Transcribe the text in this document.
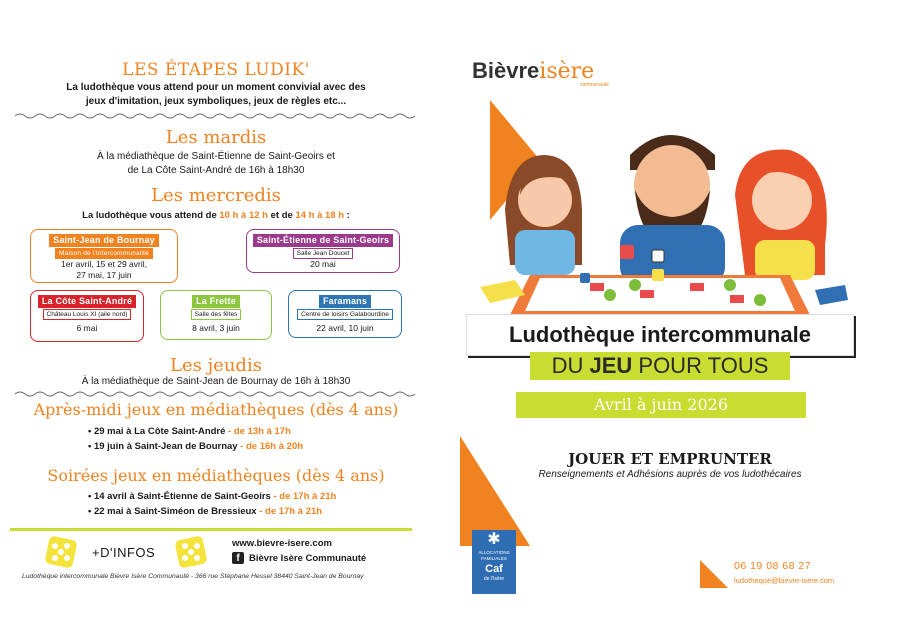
LES ÉTAPES LUDIK'
La ludothèque vous attend pour un moment convivial avec des
jeux d'imitation, jeux symboliques, jeux de règles etc...
Les mardis
À la médiathèque de Saint-Étienne de Saint-Geoirs et
de La Côte Saint-André de 16h à 18h30
Les mercredis
La ludothèque vous attend de 10 h à 12 h et de 14 h à 18 h :
Saint-Jean de Bournay
Maison de l'Intercommunalité
1er avril, 15 et 29 avril,
27 mai, 17 juin
Saint-Étienne de Saint-Geoirs
Salle Jean Doucet
20 mai
La Côte Saint-André
Château Louis XI (aile nord)
6 mai
La Frette
Salle des fêtes
8 avril, 3 juin
Faramans
Centre de loisirs Galabourdine
22 avril, 10 juin
Les jeudis
À la médiathèque de Saint-Jean de Bournay de 16h à 18h30
Après-midi jeux en médiathèques (dès 4 ans)
• 29 mai à La Côte Saint-André - de 13h à 17h
• 19 juin à Saint-Jean de Bournay - de 16h à 20h
Soirées jeux en médiathèques (dès 4 ans)
• 14 avril à Saint-Étienne de Saint-Geoirs - de 17h à 21h
• 22 mai à Saint-Siméon de Bressieux - de 17h à 21h
+D'INFOS
www.bievre-isere.com
f Bièvre Isère Communauté
Ludothèque intercommunale Bièvre Isère Communauté - 366 rue Stéphane Hessel 38440 Saint-Jean de Bournay
Bièvreisère
communauté
Ludothèque intercommunale
DU JEU POUR TOUS
Avril à juin 2026
JOUER ET EMPRUNTER
Renseignements et Adhésions auprès de vos ludothécaires
✱
ALLOCATIONS
FAMILIALES
Caf
de l'Isère
06 19 08 68 27
ludotheque@bievre-isere.com
